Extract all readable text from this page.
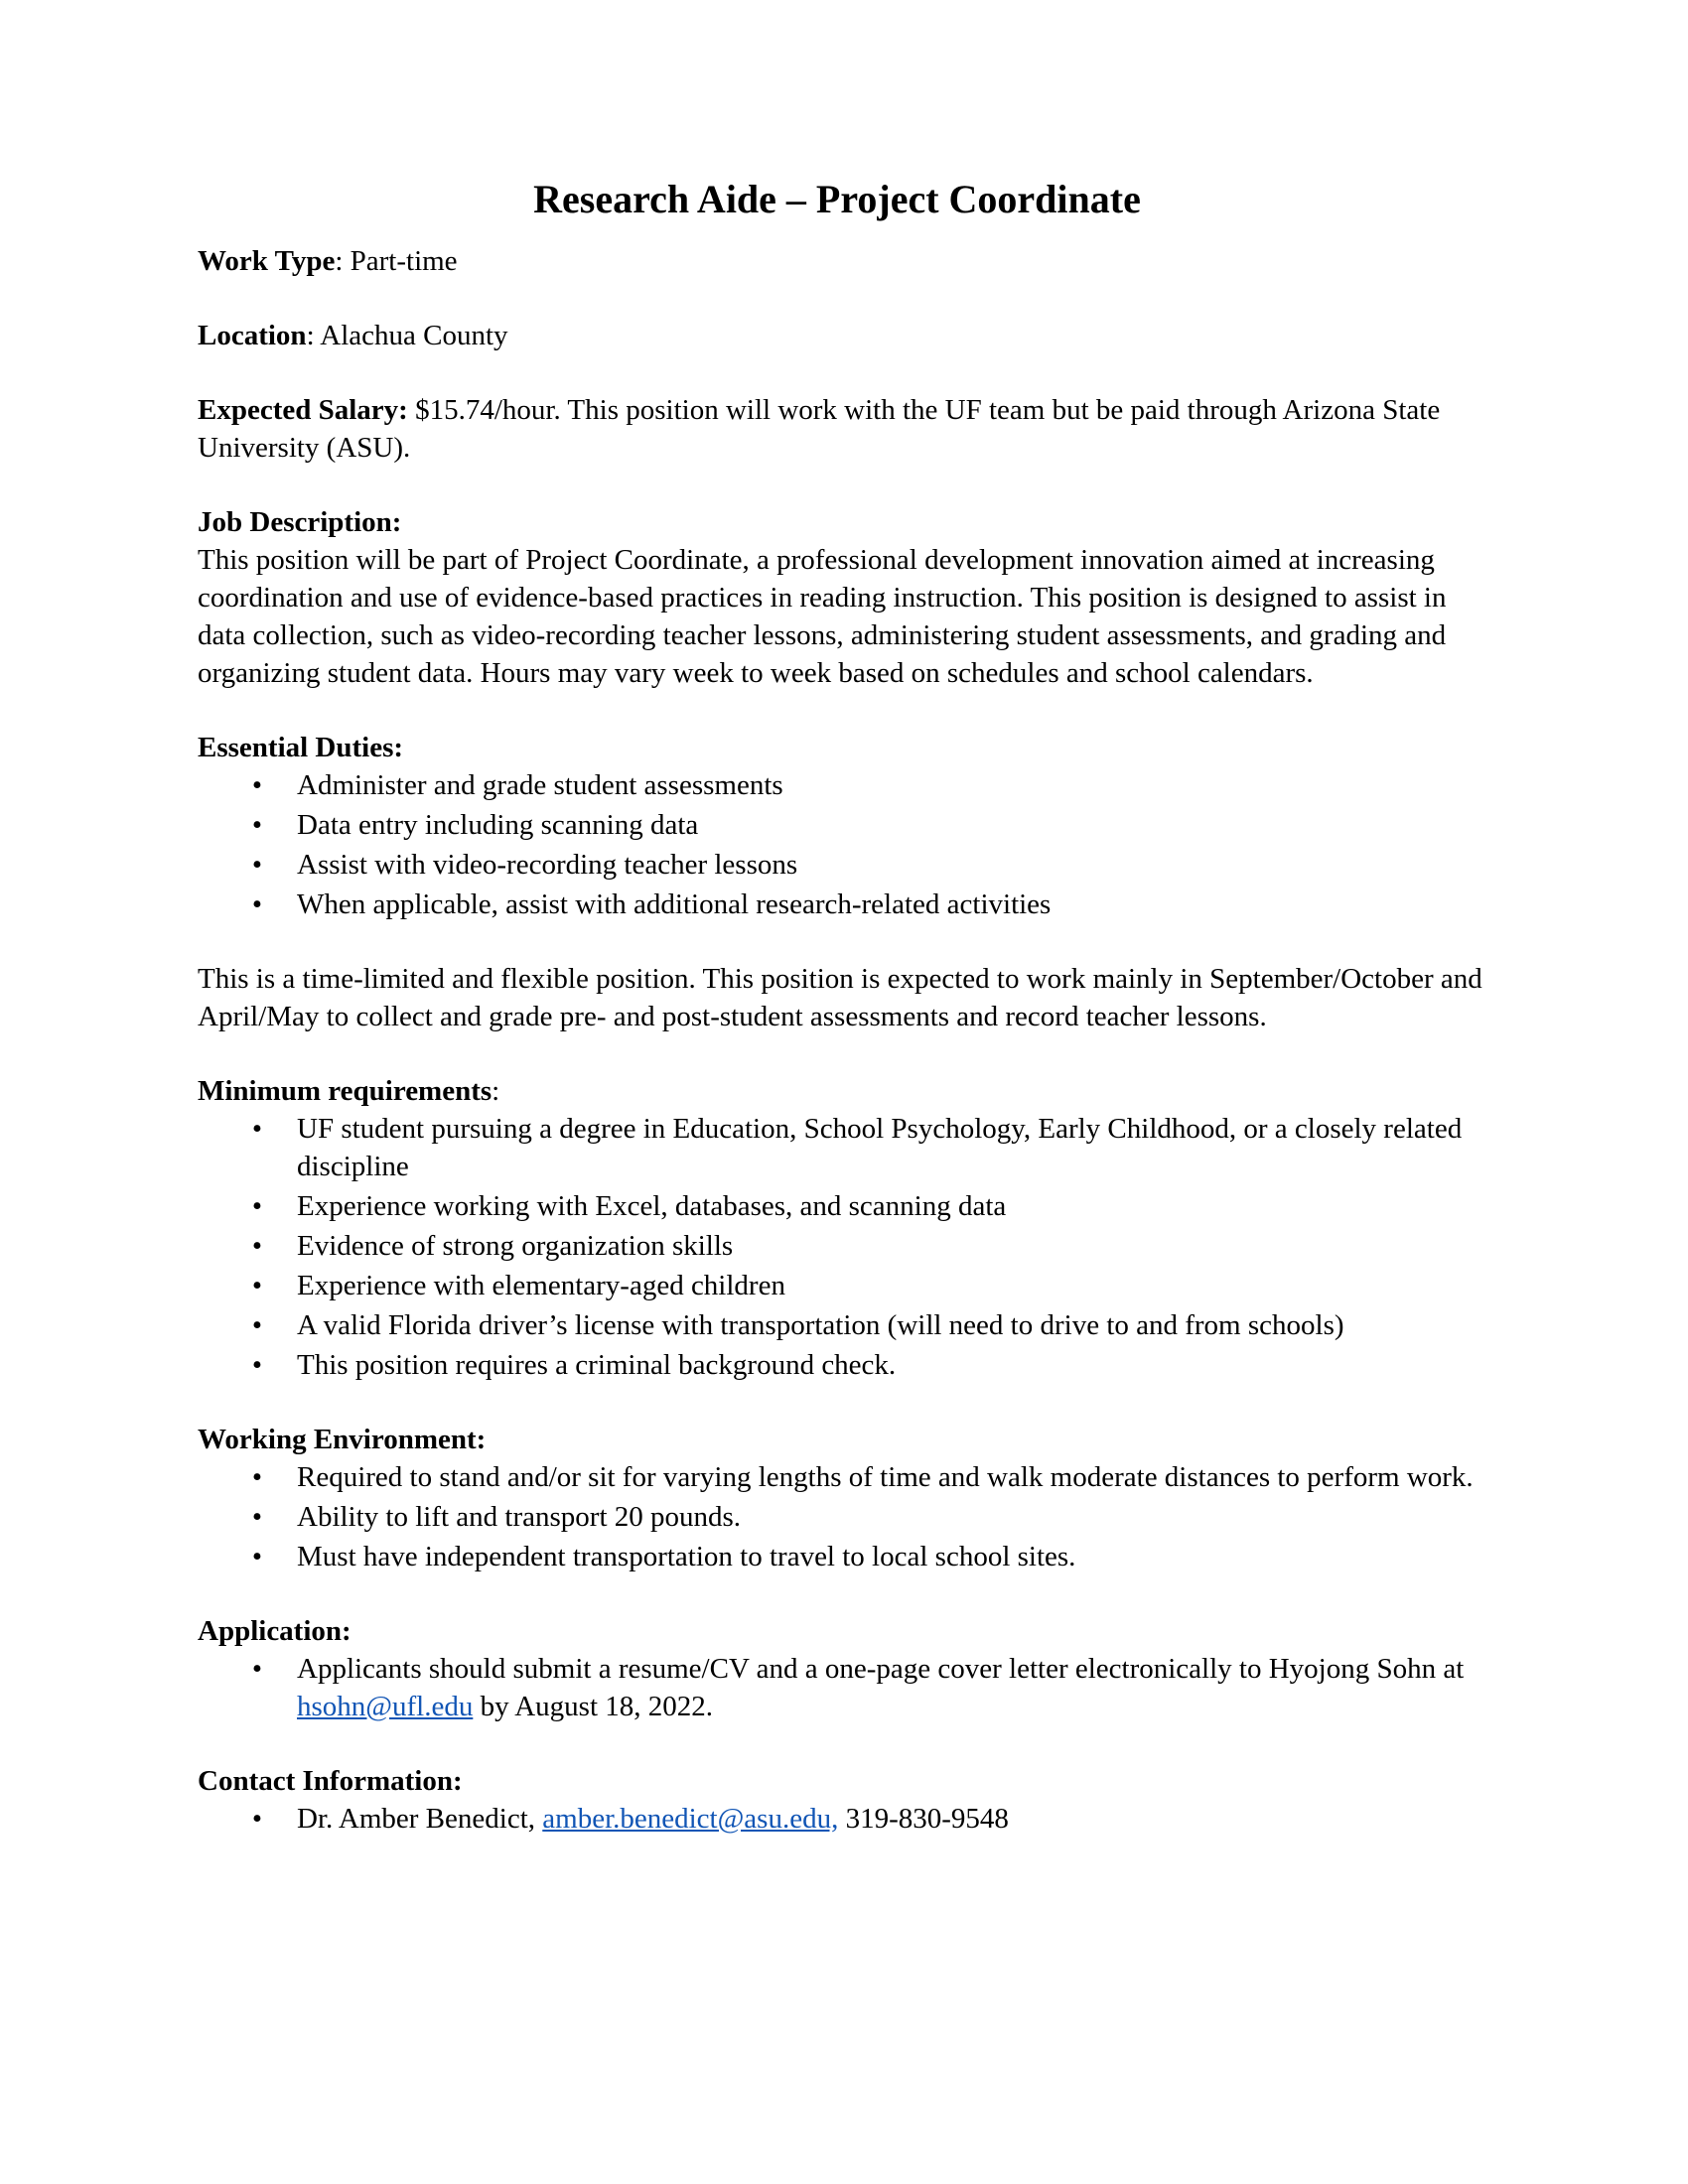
Research Aide – Project Coordinate
Work Type: Part-time
Location: Alachua County
Expected Salary: $15.74/hour. This position will work with the UF team but be paid through Arizona State University (ASU).
Job Description:
This position will be part of Project Coordinate, a professional development innovation aimed at increasing coordination and use of evidence-based practices in reading instruction. This position is designed to assist in data collection, such as video-recording teacher lessons, administering student assessments, and grading and organizing student data. Hours may vary week to week based on schedules and school calendars.
Essential Duties:
• Administer and grade student assessments
• Data entry including scanning data
• Assist with video-recording teacher lessons
• When applicable, assist with additional research-related activities
This is a time-limited and flexible position. This position is expected to work mainly in September/October and April/May to collect and grade pre- and post-student assessments and record teacher lessons.
Minimum requirements:
• UF student pursuing a degree in Education, School Psychology, Early Childhood, or a closely related discipline
• Experience working with Excel, databases, and scanning data
• Evidence of strong organization skills
• Experience with elementary-aged children
• A valid Florida driver’s license with transportation (will need to drive to and from schools)
• This position requires a criminal background check.
Working Environment:
• Required to stand and/or sit for varying lengths of time and walk moderate distances to perform work.
• Ability to lift and transport 20 pounds.
• Must have independent transportation to travel to local school sites.
Application:
• Applicants should submit a resume/CV and a one-page cover letter electronically to Hyojong Sohn at hsohn@ufl.edu by August 18, 2022.
Contact Information:
• Dr. Amber Benedict, amber.benedict@asu.edu, 319-830-9548
